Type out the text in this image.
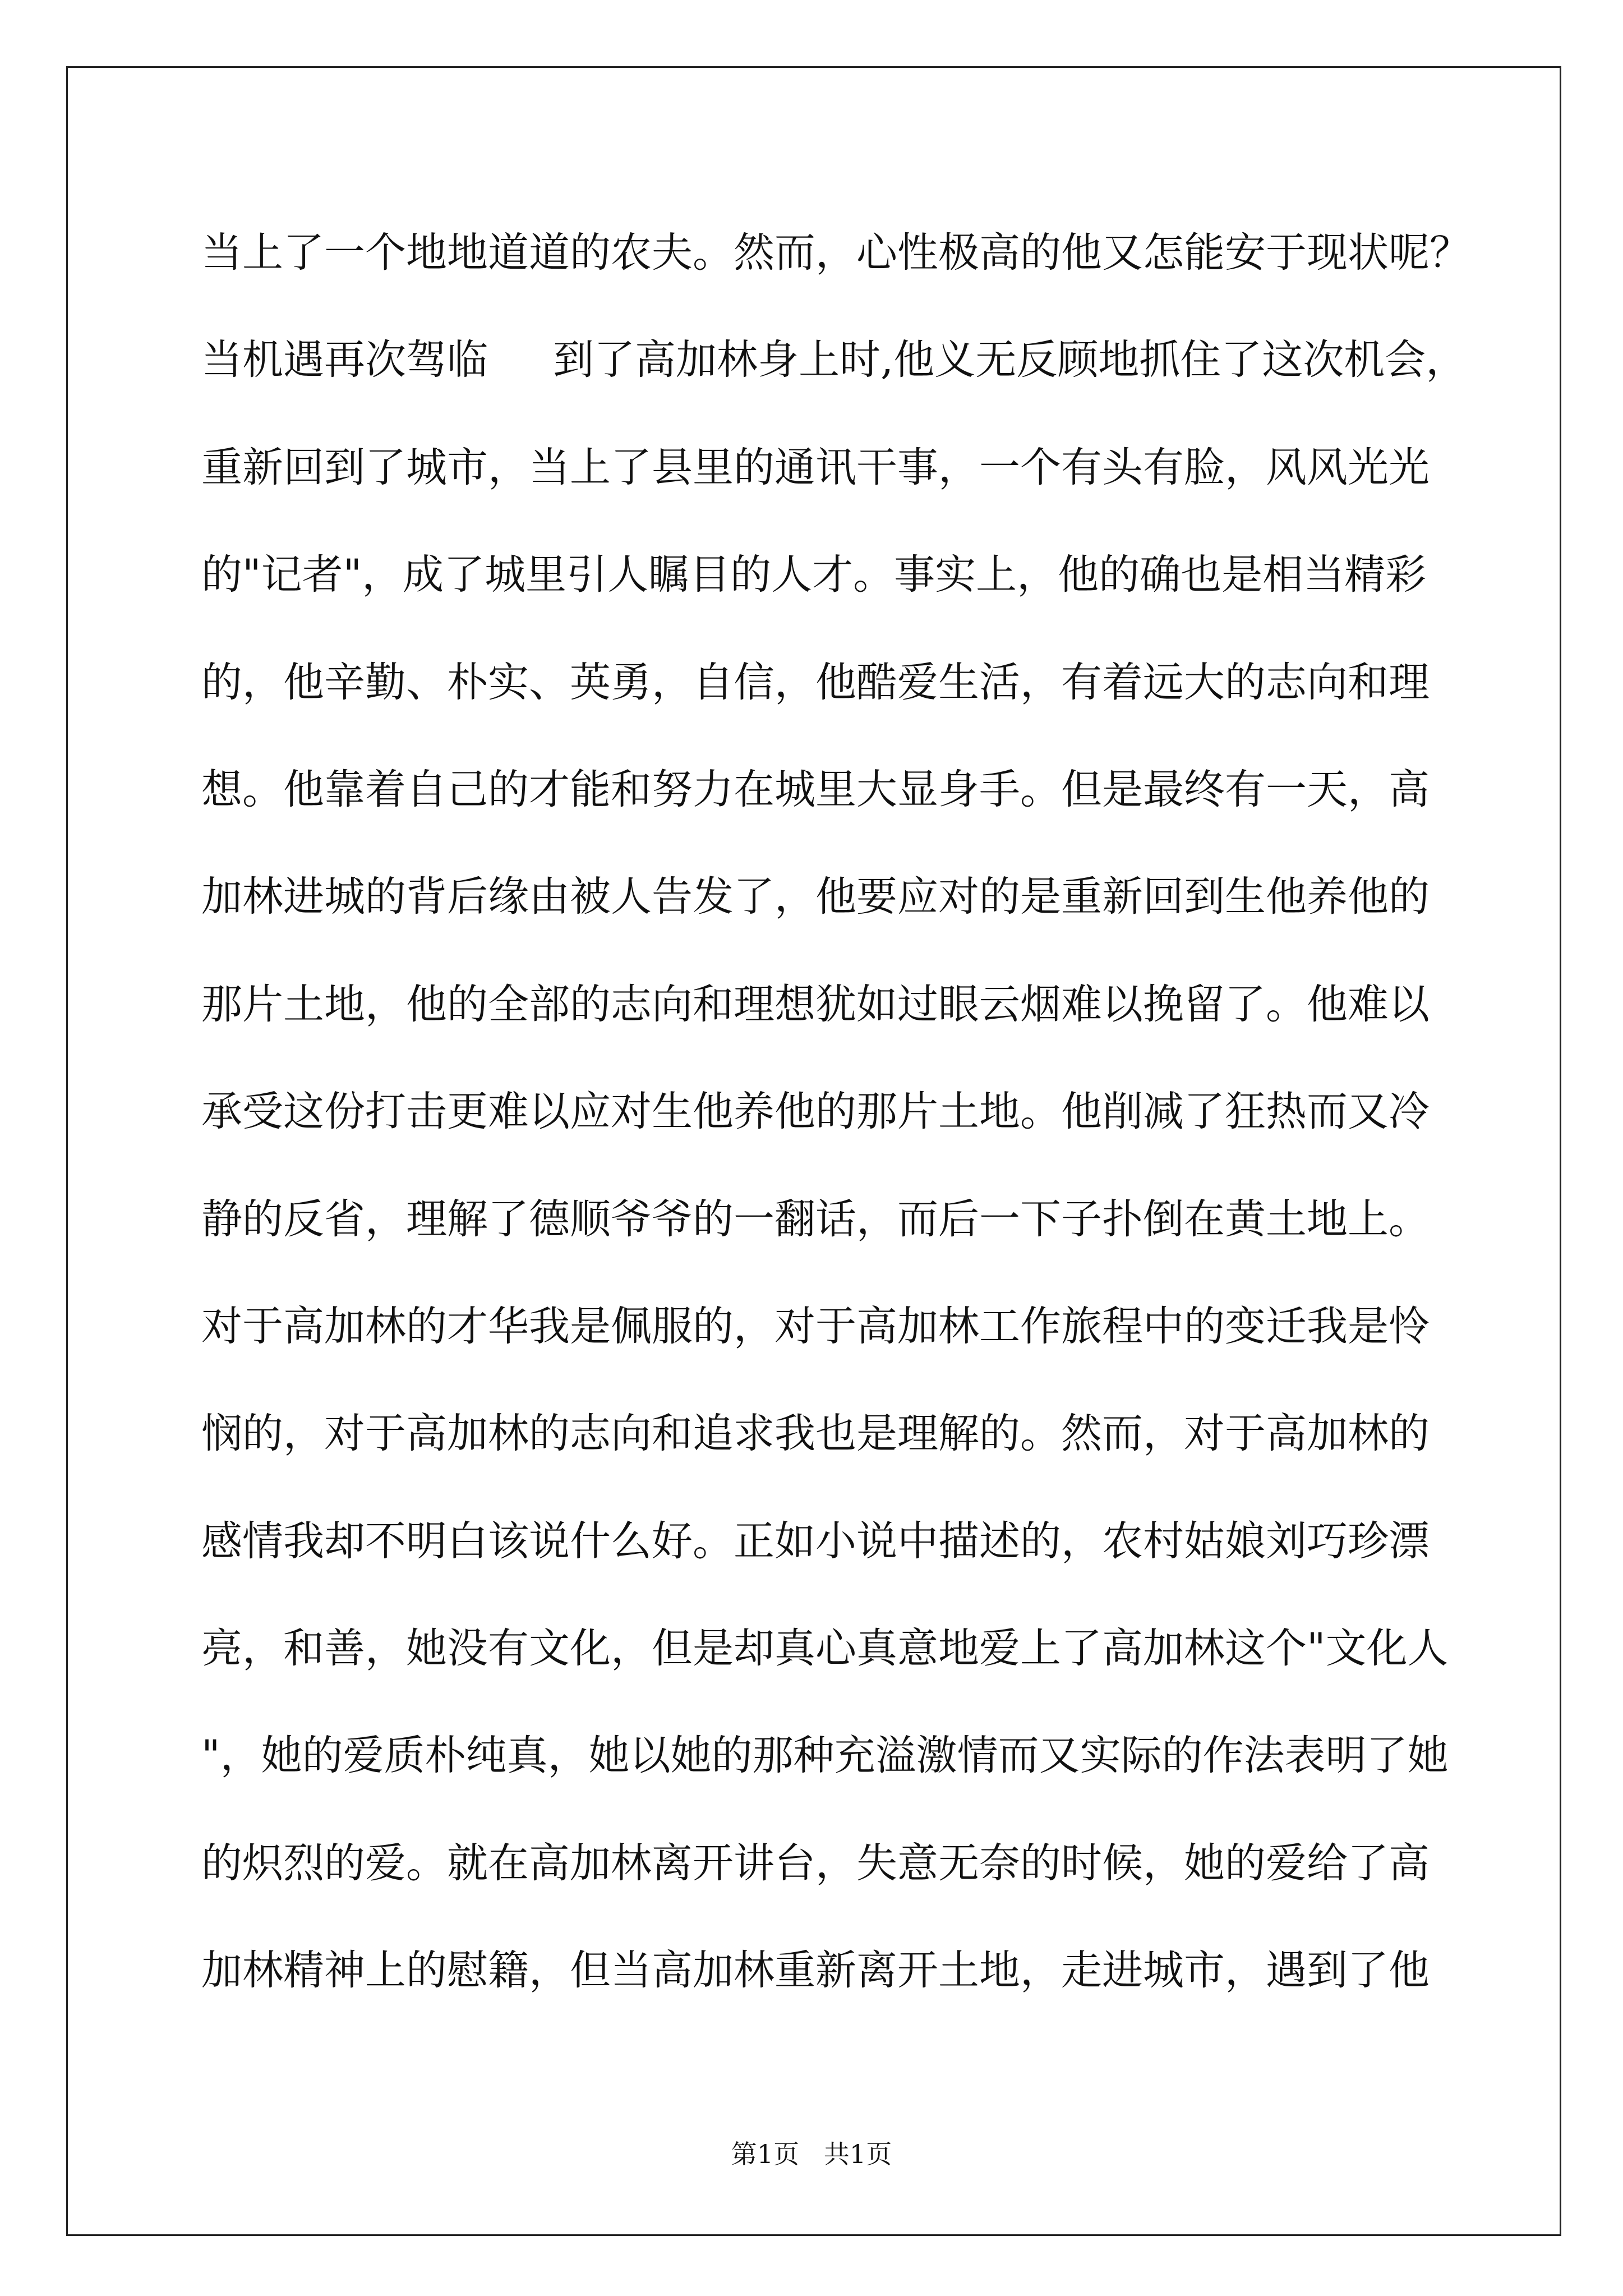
当上了一个地地道道的农夫。然而，心性极高的他又怎能安于现状呢？
当机遇再次驾临     到了高加林身上时,他义无反顾地抓住了这次机会，
重新回到了城市，当上了县里的通讯干事，一个有头有脸，风风光光
的"记者"，成了城里引人瞩目的人才。事实上，他的确也是相当精彩
的，他辛勤、朴实、英勇，自信，他酷爱生活，有着远大的志向和理
想。他靠着自己的才能和努力在城里大显身手。但是最终有一天，高
加林进城的背后缘由被人告发了，他要应对的是重新回到生他养他的
那片土地，他的全部的志向和理想犹如过眼云烟难以挽留了。他难以
承受这份打击更难以应对生他养他的那片土地。他削减了狂热而又冷
静的反省，理解了德顺爷爷的一翻话，而后一下子扑倒在黄土地上。
对于高加林的才华我是佩服的，对于高加林工作旅程中的变迁我是怜
悯的，对于高加林的志向和追求我也是理解的。然而，对于高加林的
感情我却不明白该说什么好。正如小说中描述的，农村姑娘刘巧珍漂
亮，和善，她没有文化，但是却真心真意地爱上了高加林这个"文化人
"，她的爱质朴纯真，她以她的那种充溢激情而又实际的作法表明了她
的炽烈的爱。就在高加林离开讲台，失意无奈的时候，她的爱给了高
加林精神上的慰籍，但当高加林重新离开土地，走进城市，遇到了他
第1页   共1页
